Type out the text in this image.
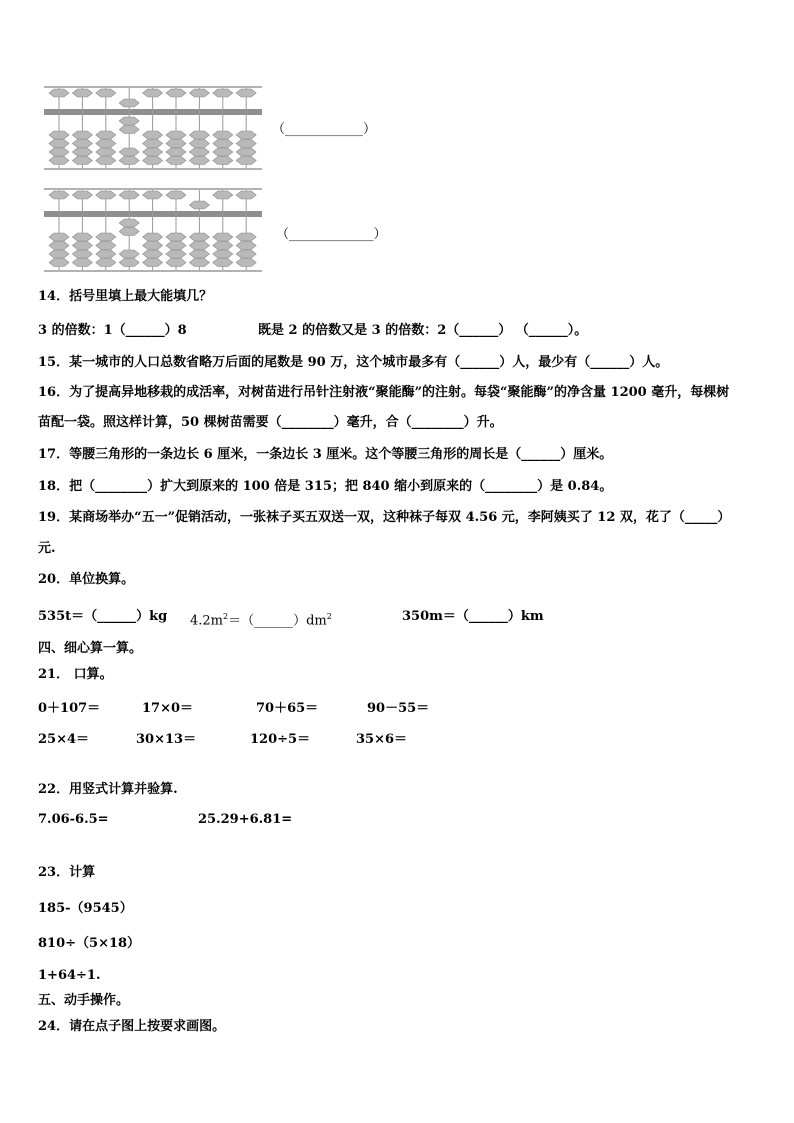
（____________）
（_____________）
14．括号里填上最大能填几？
3 的倍数：1（______）8	既是 2 的倍数又是 3 的倍数：2（______） （______）。
15．某一城市的人口总数省略万后面的尾数是 90 万，这个城市最多有（______）人，最少有（______）人。
16．为了提高异地移栽的成活率，对树苗进行吊针注射液“聚能酶”的注射。每袋“聚能酶”的净含量 1200 毫升，每棵树
苗配一袋。照这样计算，50 棵树苗需要（________）毫升，合（________）升。
17．等腰三角形的一条边长 6 厘米，一条边长 3 厘米。这个等腰三角形的周长是（______）厘米。
18．把（________）扩大到原来的 100 倍是 315；把 840 缩小到原来的（________）是 0.84。
19．某商场举办“五一”促销活动，一张袜子买五双送一双，这种袜子每双 4.56 元，李阿姨买了 12 双，花了（_____）
元.
20．单位换算。
535t＝（______）kg $4.2m^2=(\_\_\_\_\_\_)dm^2$	350m＝（______）km
四、细心算一算。
21． 口算。
0＋107＝	17×0＝	70＋65＝	90－55＝
25×4＝	30×13＝	120÷5＝	35×6＝
22．用竖式计算并验算.
7.06-6.5=	25.29+6.81=
23．计算
185-（9545）
810÷（5×18）
1+64÷1.
五、动手操作。
24．请在点子图上按要求画图。
